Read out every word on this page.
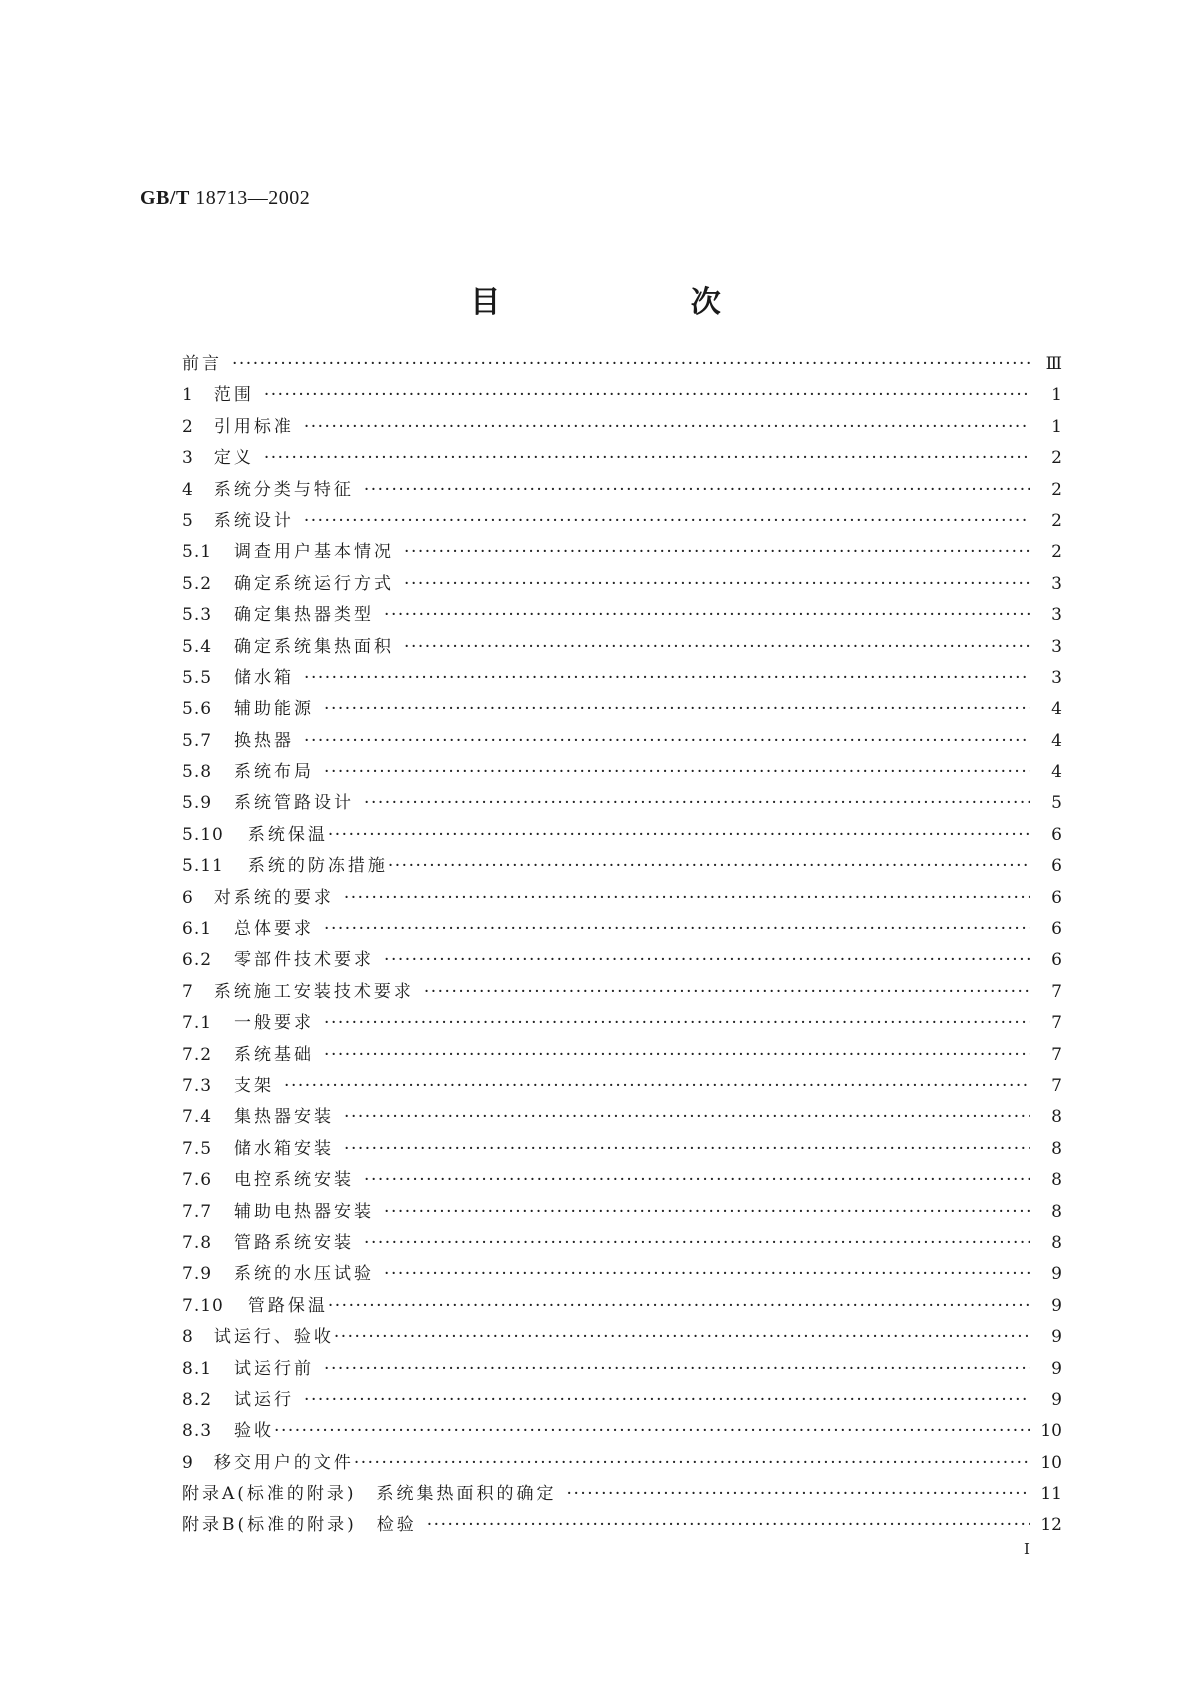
GB/T 18713—2002
目 次
前言 ·····	Ⅲ
1 范围 ·····	1
2 引用标准 ·····	1
3 定义 ·····	2
4 系统分类与特征 ·····	2
5 系统设计 ·····	2
5.1 调查用户基本情况 ·····	2
5.2 确定系统运行方式 ·····	3
5.3 确定集热器类型 ·····	3
5.4 确定系统集热面积 ·····	3
5.5 储水箱 ·····	3
5.6 辅助能源 ·····	4
5.7 换热器 ·····	4
5.8 系统布局 ·····	4
5.9 系统管路设计 ·····	5
5.10 系统保温 ·····	6
5.11 系统的防冻措施 ·····	6
6 对系统的要求 ·····	6
6.1 总体要求 ·····	6
6.2 零部件技术要求 ·····	6
7 系统施工安装技术要求 ·····	7
7.1 一般要求 ·····	7
7.2 系统基础 ·····	7
7.3 支架 ·····	7
7.4 集热器安装 ·····	8
7.5 储水箱安装 ·····	8
7.6 电控系统安装 ·····	8
7.7 辅助电热器安装 ·····	8
7.8 管路系统安装 ·····	8
7.9 系统的水压试验 ·····	9
7.10 管路保温 ·····	9
8 试运行、验收 ·····	9
8.1 试运行前 ·····	9
8.2 试运行 ·····	9
8.3 验收 ·····	10
9 移交用户的文件 ·····	10
附录A(标准的附录)　系统集热面积的确定 ·····	11
附录B(标准的附录)　检验 ·····	12
I
